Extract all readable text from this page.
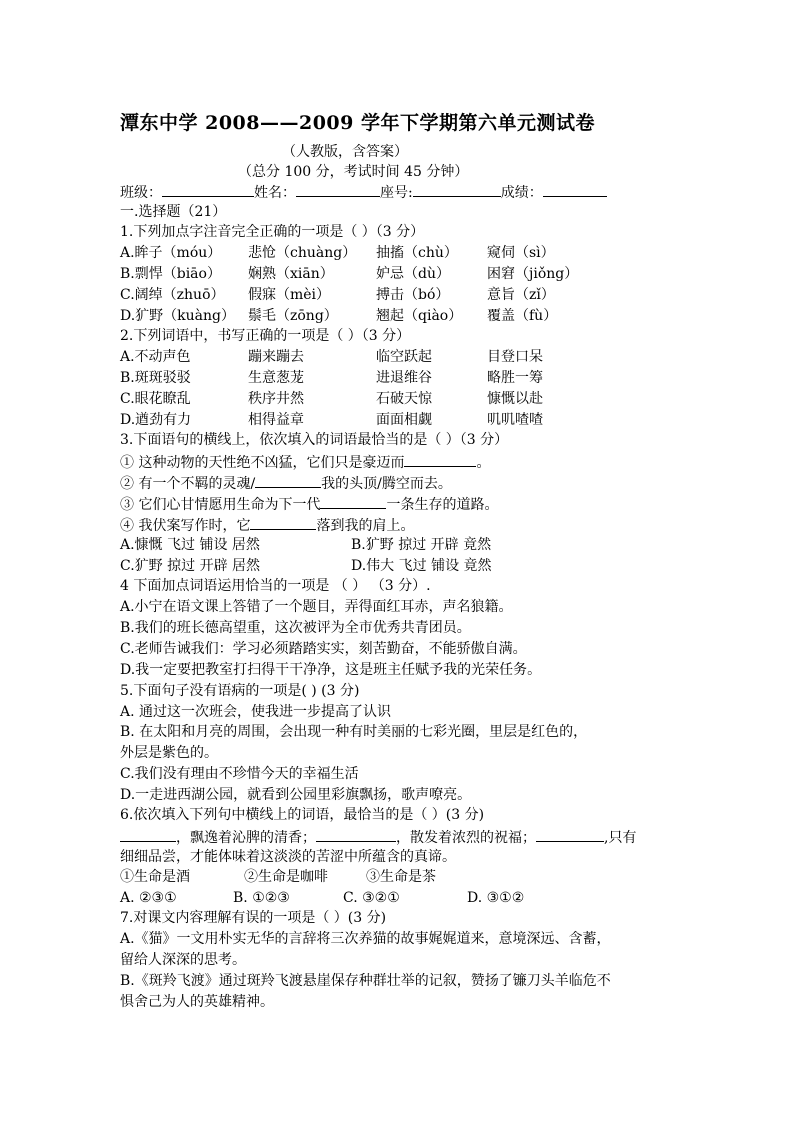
潭东中学 2008——2009 学年下学期第六单元测试卷
（人教版，含答案）
（总分 100 分，考试时间 45 分钟）
班级：	姓名：	座号:	成绩：
一.选择题（21）
1.下列加点字注音完全正确的一项是（ ）（3 分）
A.眸子（móu） 悲怆（chuàng） 抽搐（chù） 窥伺（sì）
B.剽悍（biāo） 娴熟（xiān）	妒忌（dù）	困窘（jiǒng）
C.阔绰（zhuō） 假寐（mèi）	搏击（bó）	意旨（zǐ）
D.犷野（kuàng） 鬃毛（zōng）	翘起（qiào） 覆盖（fù）
2.下列词语中，书写正确的一项是（ ）（3 分）
A.不动声色	蹦来蹦去	临空跃起	目登口呆
B.斑斑驳驳	生意葱茏	进退维谷	略胜一筹
C.眼花瞭乱	秩序井然	石破天惊	慷慨以赴
D.遒劲有力	相得益章	面面相觑	叽叽喳喳
3.下面语句的横线上，依次填入的词语最恰当的是（ ）（3 分）
① 这种动物的天性绝不凶猛，它们只是豪迈而	。
② 有一个不羁的灵魂/	我的头顶/腾空而去。
③ 它们心甘情愿用生命为下一代	一条生存的道路。
④ 我伏案写作时，它	落到我的肩上。
A.慷慨 飞过 铺设 居然	B.犷野 掠过 开辟 竟然
C.犷野 掠过 开辟 居然	D.伟大 飞过 铺设 竟然
4 下面加点词语运用恰当的一项是 （ ） （3 分）.
A.小宁在语文课上答错了一个题目，弄得面红耳赤，声名狼籍。
B.我们的班长德高望重，这次被评为全市优秀共青团员。
C.老师告诫我们：学习必须踏踏实实，刻苦勤奋，不能骄傲自满。
D.我一定要把教室打扫得干干净净，这是班主任赋予我的光荣任务。
5.下面句子没有语病的一项是( ) (3 分)
A. 通过这一次班会，使我进一步提高了认识
B. 在太阳和月亮的周围，会出现一种有时美丽的七彩光圈，里层是红色的，
外层是紫色的。
C.我们没有理由不珍惜今天的幸福生活
D.一走进西湖公园，就看到公园里彩旗飘扬，歌声嘹亮。
6.依次填入下列句中横线上的词语，最恰当的是（ ）(3 分)
，飘逸着沁脾的清香；	，散发着浓烈的祝福；	,只有
细细品尝，才能体味着这淡淡的苦涩中所蕴含的真谛。
①生命是酒	②生命是咖啡	③生命是茶
A. ②③①	B. ①②③	C. ③②①	D. ③①②
7.对课文内容理解有误的一项是（ ）(3 分)
A.《猫》一文用朴实无华的言辞将三次养猫的故事娓娓道来，意境深远、含蓄，
留给人深深的思考。
B.《斑羚飞渡》通过斑羚飞渡悬崖保存种群壮举的记叙，赞扬了镰刀头羊临危不
惧舍己为人的英雄精神。
